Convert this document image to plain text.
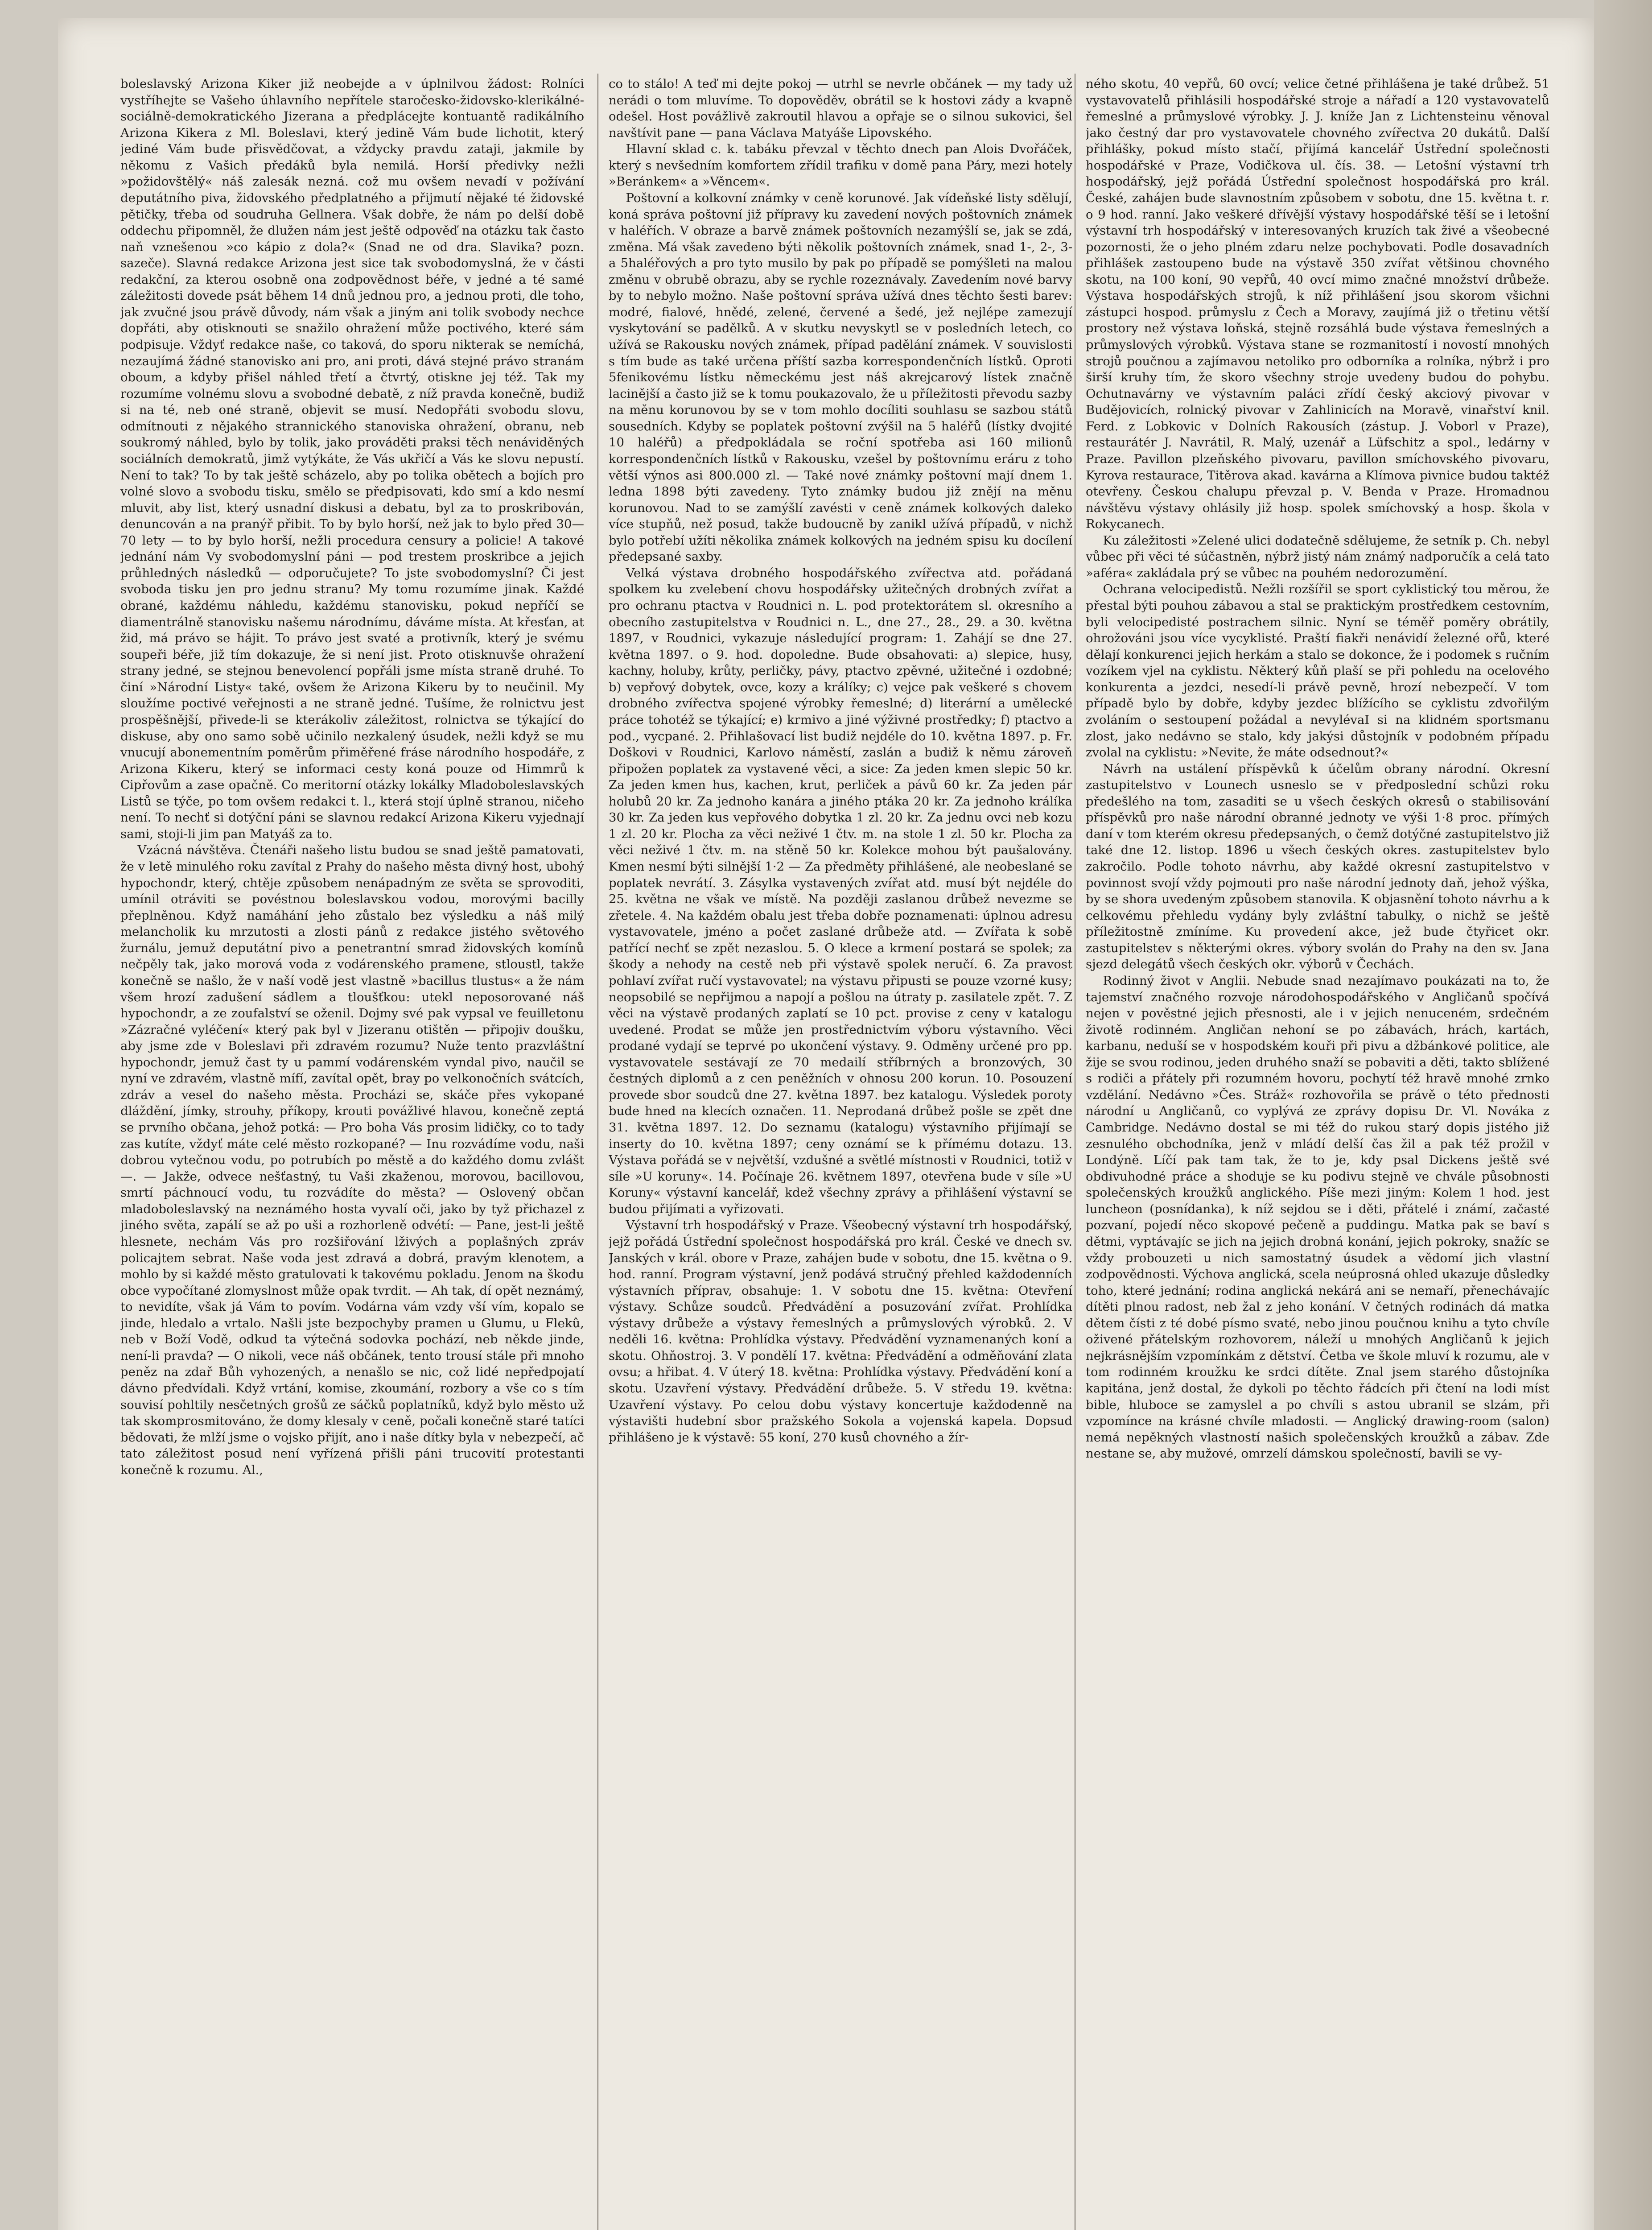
boleslavský Arizona Kiker již neobejde a v úplnilvou žádost: Rolníci vystříhejte se Vašeho úhlavního nepřítele staročesko-židovsko-klerikálné-sociálně-demokratického Jizerana a předplácejte kontuantě radikálního Arizona Kikera z Ml. Boleslavi, který jedině Vám bude lichotit, který jediné Vám bude přisvědčovat, a vždycky pravdu zataji, jakmile by někomu z Vašich předáků byla nemilá. Horší předivky nežli »požidovštělý« náš zalesák nezná. což mu ovšem nevadí v požívání deputátního piva, židovského předplatného a přijmutí nějaké té židovské pětičky, třeba od soudruha Gellnera. Však dobře, že nám po delší době oddechu připomněl, že dlužen nám jest ještě odpověď na otázku tak často naň vznešenou »co kápio z dola?« (Snad ne od dra. Slavika? pozn. sazeče). Slavná redakce Arizona jest sice tak svobodomyslná, že v části redakční, za kterou osobně ona zodpovědnost béře, v jedné a té samé záležitosti dovede psát během 14 dnů jednou pro, a jednou proti, dle toho, jak zvučné jsou právě důvody, nám však a jiným ani tolik svobody nechce dopřáti, aby otisknouti se snažilo ohražení může poctivého, které sám podpisuje. Vždyť redakce naše, co taková, do sporu nikterak se nemíchá, nezaujímá žádné stanovisko ani pro, ani proti, dává stejné právo stranám oboum, a kdyby přišel náhled třetí a čtvrtý, otiskne jej též. Tak my rozumíme volnému slovu a svobodné debatě, z níž pravda konečně, budiž si na té, neb oné straně, objevit se musí. Nedopřáti svobodu slovu, odmítnouti z nějakého strannického stanoviska ohražení, obranu, neb soukromý náhled, bylo by tolik, jako prováděti praksi těch nenáviděných sociálních demokratů, jimž vytýkáte, že Vás ukřičí a Vás ke slovu nepustí. Není to tak? To by tak ještě scházelo, aby po tolika obětech a bojích pro volné slovo a svobodu tisku, smělo se předpisovati, kdo smí a kdo nesmí mluvit, aby list, který usnadní diskusi a debatu, byl za to proskribován, denuncován a na pranýř přibit. To by bylo horší, než jak to bylo před 30—70 lety — to by bylo horší, nežli procedura censury a policie! A takové jednání nám Vy svobodomyslní páni — pod trestem proskribce a jejich průhledných následků — odporučujete? To jste svobodomyslní? Či jest svoboda tisku jen pro jednu stranu? My tomu rozumíme jinak. Každé obrané, každému náhledu, každému stanovisku, pokud nepříčí se diamentrálně stanovisku našemu národnímu, dáváme místa. At křesťan, at žid, má právo se hájit. To právo jest svaté a protivník, který je svému soupeři béře, již tím dokazuje, že si není jist. Proto otisknuvše ohražení strany jedné, se stejnou benevolencí popřáli jsme místa straně druhé. To činí »Národní Listy« také, ovšem že Arizona Kikeru by to neučinil. My sloužíme poctivé veřejnosti a ne straně jedné. Tušíme, že rolnictvu jest prospěšnější, přivede-li se kterákoliv záležitost, rolnictva se týkající do diskuse, aby ono samo sobě učinilo nezkalený úsudek, nežli když se mu vnucují abonementním poměrům přiměřené fráse národního hospodáře, z Arizona Kikeru, který se informaci cesty koná pouze od Himmrů k Cipřovům a zase opačně. Co meritorní otázky lokálky Mladoboleslavských Listů se týče, po tom ovšem redakci t. l., která stojí úplně stranou, ničeho není. To nechť si dotýční páni se slavnou redakcí Arizona Kikeru vyjednají sami, stoji-li jim pan Matyáš za to.

Vzácná návštěva. Čtenáři našeho listu budou se snad ještě pamatovati, že v letě minulého roku zavítal z Prahy do našeho města divný host, ubohý hypochondr, který, chtěje způsobem nenápadným ze světa se sprovoditi, umínil otráviti se povéstnou boleslavskou vodou, morovými bacilly přeplněnou. Když namáhání jeho zůstalo bez výsledku a náš milý melancholik ku mrzutosti a zlosti pánů z redakce jistého světového žurnálu, jemuž deputátní pivo a penetrantní smrad židovských komínů nečpěly tak, jako morová voda z vodárenského pramene, stloustl, takže konečně se našlo, že v naší vodě jest vlastně »bacillus tlustus« a že nám všem hrozí zadušení sádlem a tloušťkou: utekl neposorované náš hypochondr, a ze zoufalství se oženil. Dojmy své pak vypsal ve feuilletonu »Zázračné vyléčení« který pak byl v Jizeranu otištěn — připojiv doušku, aby jsme zde v Boleslavi při zdravém rozumu? Nuže tento prazvláštní hypochondr, jemuž čast ty u pammí vodárenském vyndal pivo, naučil se nyní ve zdravém, vlastně mífí, zavítal opět, bray po velkonočních svátcích, zdráv a vesel do našeho města. Procházi se, skáče přes vykopané dláždění, jímky, strouhy, příkopy, krouti povážlivé hlavou, konečně zeptá se prvního občana, jehož potká: — Pro boha Vás prosim lidičky, co to tady zas kutíte, vždyť máte celé město rozkopané? — Inu rozvádíme vodu, naši dobrou vytečnou vodu, po potrubích po městě a do každého domu zvlášt —. — Jakže, odvece nešťastný, tu Vaši zkaženou, morovou, bacillovou, smrtí páchnoucí vodu, tu rozvádíte do města? — Oslovený občan mladoboleslavský na neznámého hosta vyvalí oči, jako by tyž přichazel z jiného světa, zapálí se až po uši a rozhorleně odvétí: — Pane, jest-li ještě hlesnete, nechám Vás pro rozšiřování lživých a poplašných zpráv policajtem sebrat. Naše voda jest zdravá a dobrá, pravým klenotem, a mohlo by si každé město gratulovati k takovému pokladu. Jenom na škodu obce vypočítané zlomyslnost může opak tvrdit. — Ah tak, dí opět neznámý, to nevidíte, však já Vám to povím. Vodárna vám vzdy vší vím, kopalo se jinde, hledalo a vrtalo. Našli jste bezpochyby pramen u Glumu, u Flekû, neb v Boží Vodě, odkud ta výtečná sodovka pochází, neb někde jinde, není-li pravda? — O nikoli, vece náš občánek, tento trousí stále při mnoho peněz na zdař Bůh vyhozených, a nenašlo se nic, což lidé nepředpojatí dávno předvídali. Když vrtání, komise, zkoumání, rozbory a vše co s tím souvisí pohltily nesčetných grošů ze sáčků poplatníků, když bylo město už tak skomprosmitováno, že domy klesaly v ceně, počali konečně staré tatíci bědovati, že mlží jsme o vojsko přijít, ano i naše dítky byla v nebezpečí, ač tato záležitost posud není vyřízená přišli páni trucovití protestanti konečně k rozumu. Al.,

co to stálo! A teď mi dejte pokoj — utrhl se nevrle občánek — my tady už nerádi o tom mluvíme. To dopověděv, obrátil se k hostovi zády a kvapně odešel. Host povážlivě zakroutil hlavou a opřaje se o silnou sukovici, šel navštívit pane — pana Václava Matyáše Lipovského.

Hlavní sklad c. k. tabáku převzal v těchto dnech pan Alois Dvořáček, který s nevšedním komfortem zřídil trafiku v domě pana Páry, mezi hotely »Beránkem« a »Věncem«.

Poštovní a kolkovní známky v ceně korunové. Jak vídeňské listy sdělují, koná správa poštovní již přípravy ku zavedení nových poštovních známek v haléřích. V obraze a barvě známek poštovních nezamýšlí se, jak se zdá, změna. Má však zavedeno býti několik poštovních známek, snad 1-, 2-, 3- a 5haléřových a pro tyto musilo by pak po případě se pomýšleti na malou změnu v obrubě obrazu, aby se rychle rozeznávaly. Zavedením nové barvy by to nebylo možno. Naše poštovní správa užívá dnes těchto šesti barev: modré, fialové, hnědé, zelené, červené a šedé, jež nejlépe zamezují vyskytování se padělků. A v skutku nevyskytl se v posledních letech, co užívá se Rakousku nových známek, případ padělání známek. V souvislosti s tím bude as také určena příští sazba korrespondenčních lístků. Oproti 5fenikovému lístku německému jest náš akrejcarový lístek značně lacinější a často již se k tomu poukazovalo, že u příležitosti převodu sazby na měnu korunovou by se v tom mohlo docíliti souhlasu se sazbou států sousedních. Kdyby se poplatek poštovní zvýšil na 5 haléřů (lístky dvojité 10 haléřů) a předpokládala se roční spotřeba asi 160 milionů korrespondenčních lístků v Rakousku, vzešel by poštovnímu eráru z toho větší výnos asi 800.000 zl. — Také nové známky poštovní mají dnem 1. ledna 1898 býti zavedeny. Tyto známky budou již znějí na měnu korunovou. Nad to se zamýšlí zavésti v ceně známek kolkových daleko více stupňů, než posud, takže budoucně by zanikl užívá případů, v nichž bylo potřebí užíti několika známek kolkových na jedném spisu ku docílení předepsané saxby.

Velká výstava drobného hospodářského zvířectva atd. pořádaná spolkem ku zvelebení chovu hospodářsky užitečných drobných zvířat a pro ochranu ptactva v Roudnici n. L. pod protektorátem sl. okresního a obecního zastupitelstva v Roudnici n. L., dne 27., 28., 29. a 30. května 1897, v Roudnici, vykazuje následující program: 1. Zahájí se dne 27. května 1897. o 9. hod. dopoledne. Bude obsahovati: a) slepice, husy, kachny, holuby, krůty, perličky, pávy, ptactvo zpěvné, užitečné i ozdobné; b) vepřový dobytek, ovce, kozy a králíky; c) vejce pak veškeré s chovem drobného zvířectva spojené výrobky řemeslné; d) literární a umělecké práce tohotéž se týkající; e) krmivo a jiné výživné prostředky; f) ptactvo a pod., vycpané. 2. Přihlašovací list budiž nejdéle do 10. května 1897. p. Fr. Doškovi v Roudnici, Karlovo náměstí, zaslán a budiž k němu zároveň připožen poplatek za vystavené věci, a sice: Za jeden kmen slepic 50 kr. Za jeden kmen hus, kachen, krut, perliček a pávů 60 kr. Za jeden pár holubů 20 kr. Za jednoho kanára a jiného ptáka 20 kr. Za jednoho králíka 30 kr. Za jeden kus vepřového dobytka 1 zl. 20 kr. Za jednu ovci neb kozu 1 zl. 20 kr. Plocha za věci neživé 1 čtv. m. na stole 1 zl. 50 kr. Plocha za věci neživé 1 čtv. m. na stěně 50 kr. Kolekce mohou být paušalovány. Kmen nesmí býti silnější 1·2 — Za předměty přihlášené, ale neobeslané se poplatek nevrátí. 3. Zásylka vystavených zvířat atd. musí být nejdéle do 25. května ne však ve místě. Na později zaslanou drůbež nevezme se zřetele. 4. Na každém obalu jest třeba dobře poznamenati: úplnou adresu vystavovatele, jméno a počet zaslané drůbeže atd. — Zvířata k sobě patřící nechť se zpět nezaslou. 5. O klece a krmení postará se spolek; za škody a nehody na cestě neb při výstavě spolek neručí. 6. Za pravost pohlaví zvířat ručí vystavovatel; na výstavu připusti se pouze vzorné kusy; neopsobilé se nepřijmou a napojí a pošlou na útraty p. zasilatele zpět. 7. Z věci na výstavě prodaných zaplatí se 10 pct. provise z ceny v katalogu uvedené. Prodat se může jen prostřednictvím výboru výstavního. Věci prodané vydají se teprvé po ukončení výstavy. 9. Odměny určené pro pp. vystavovatele sestávají ze 70 medailí stříbrných a bronzových, 30 čestných diplomů a z cen peněžních v ohnosu 200 korun. 10. Posouzení provede sbor soudců dne 27. května 1897. bez katalogu. Výsledek poroty bude hned na klecích označen. 11. Neprodaná drůbež pošle se zpět dne 31. května 1897. 12. Do seznamu (katalogu) výstavního přijímají se inserty do 10. května 1897; ceny oznámí se k přímému dotazu. 13. Výstava pořádá se v největší, vzdušné a světlé místnosti v Roudnici, totiž v síle »U koruny«. 14. Počínaje 26. květnem 1897, otevřena bude v síle »U Koruny« výstavní kancelář, kdež všechny zprávy a přihlášení výstavní se budou přijímati a vyřizovati.

Výstavní trh hospodářský v Praze. Všeobecný výstavní trh hospodářský, jejž pořádá Ústřední společnost hospodářská pro král. České ve dnech sv. Janských v král. obore v Praze, zahájen bude v sobotu, dne 15. května o 9. hod. ranní. Program výstavní, jenž podává stručný přehled každodenních výstavních příprav, obsahuje: 1. V sobotu dne 15. května: Otevření výstavy. Schůze soudců. Předvádění a posuzování zvířat. Prohlídka výstavy drůbeže a výstavy řemeslných a průmyslových výrobků. 2. V neděli 16. května: Prohlídka výstavy. Předvádění vyznamenaných koní a skotu. Ohňostroj. 3. V pondělí 17. května: Předvádění a odměňování zlata ovsu; a hřibat. 4. V úterý 18. května: Prohlídka výstavy. Předvádění koní a skotu. Uzavření výstavy. Předvádění drůbeže. 5. V středu 19. května: Uzavření výstavy. Po celou dobu výstavy koncertuje každodenně na výstavišti hudební sbor pražského Sokola a vojenská kapela. Dopsud přihlášeno je k výstavě: 55 koní, 270 kusů chovného a žír-

ného skotu, 40 vepřů, 60 ovcí; velice četné přihlášena je také drůbež. 51 vystavovatelů přihlásili hospodářské stroje a nářadí a 120 vystavovatelů řemeslné a průmyslové výrobky. J. J. kníže Jan z Lichtensteinu věnoval jako čestný dar pro vystavovatele chovného zvířectva 20 dukátů. Další přihlášky, pokud místo stačí, přijímá kancelář Ústřední společnosti hospodářské v Praze, Vodičkova ul. čís. 38. — Letošní výstavní trh hospodářský, jejž pořádá Ústřední společnost hospodářská pro král. České, zahájen bude slavnostním způsobem v sobotu, dne 15. května t. r. o 9 hod. ranní. Jako veškeré dřívější výstavy hospodářské těší se i letošní výstavní trh hospodářský v interesovaných kruzích tak živé a všeobecné pozornosti, že o jeho plném zdaru nelze pochybovati. Podle dosavadních přihlášek zastoupeno bude na výstavě 350 zvířat většinou chovného skotu, na 100 koní, 90 vepřů, 40 ovcí mimo značné množství drůbeže. Výstava hospodářských strojů, k níž přihlášení jsou skorom všichni zástupci hospod. průmyslu z Čech a Moravy, zaujímá již o třetinu větší prostory než výstava loňská, stejně rozsáhlá bude výstava řemeslných a průmyslových výrobků. Výstava stane se rozmanitostí i novostí mnohých strojů poučnou a zajímavou netoliko pro odborníka a rolníka, nýbrž i pro širší kruhy tím, že skoro všechny stroje uvedeny budou do pohybu. Ochutnavárny ve výstavním paláci zřídí český akciový pivovar v Budějovicích, rolnický pivovar v Zahlinicích na Moravě, vinařství knil. Ferd. z Lobkovic v Dolních Rakousích (zástup. J. Voborl v Praze), restaurátér J. Navrátil, R. Malý, uzenář a Lüfschitz a spol., ledárny v Praze. Pavillon plzeňského pivovaru, pavillon smíchovského pivovaru, Kyrova restaurace, Titěrova akad. kavárna a Klímova pivnice budou taktéž otevřeny. Českou chalupu převzal p. V. Benda v Praze. Hromadnou návštěvu výstavy ohlásily již hosp. spolek smíchovský a hosp. škola v Rokycanech.

Ku záležitosti »Zelené ulici dodatečně sdělujeme, že setník p. Ch. nebyl vůbec při věci té súčastněn, nýbrž jistý nám známý nadporučík a celá tato »aféra« zakládala prý se vůbec na pouhém nedorozumění.

Ochrana velocipedistů. Nežli rozšířil se sport cyklistický tou měrou, že přestal býti pouhou zábavou a stal se praktickým prostředkem cestovním, byli velocipedisté postrachem silnic. Nyní se téměř poměry obrátily, ohrožováni jsou více vycyklisté. Praští fiakři nenávidí železné ořů, které dělají konkurenci jejich herkám a stalo se dokonce, že i podomek s ručním vozíkem vjel na cyklistu. Některý kůň plaší se při pohledu na ocelového konkurenta a jezdci, nesedí-li právě pevně, hrozí nebezpečí. V tom případě bylo by dobře, kdyby jezdec blížícího se cyklistu zdvořilým zvoláním o sestoupení požádal a nevylévaI si na klidném sportsmanu zlost, jako nedávno se stalo, kdy jakýsi důstojník v podobném případu zvolal na cyklistu: »Nevite, že máte odsednout?«

Návrh na ustálení příspěvků k účelům obrany národní. Okresní zastupitelstvo v Lounech usneslo se v předposlední schůzi roku předešlého na tom, zasaditi se u všech českých okresů o stabilisování příspěvků pro naše národní obranné jednoty ve výši 1·8 proc. přímých daní v tom kterém okresu předepsaných, o čemž dotýčné zastupitelstvo již také dne 12. listop. 1896 u všech českých okres. zastupitelstev bylo zakročilo. Podle tohoto návrhu, aby každé okresní zastupitelstvo v povinnost svojí vždy pojmouti pro naše národní jednoty daň, jehož výška, by se shora uvedeným způsobem stanovila. K objasnění tohoto návrhu a k celkovému přehledu vydány byly zvláštní tabulky, o nichž se ještě příležitostně zmíníme. Ku provedení akce, jež bude čtyřicet okr. zastupitelstev s některými okres. výbory svolán do Prahy na den sv. Jana sjezd delegátů všech českých okr. výborů v Čechách.

Rodinný život v Anglii. Nebude snad nezajímavo poukázati na to, že tajemství značného rozvoje národohospodářského v Angličanů spočívá nejen v pověstné jejich přesnosti, ale i v jejich nenuceném, srdečném životě rodinném. Angličan nehoní se po zábavách, hrách, kartách, karbanu, neduší se v hospodském kouři při pivu a džbánkové politice, ale žije se svou rodinou, jeden druhého snaží se pobaviti a děti, takto sblížené s rodiči a přátely při rozumném hovoru, pochytí též hravě mnohé zrnko vzdělání. Nedávno »Čes. Stráž« rozhovořila se právě o této přednosti národní u Angličanů, co vyplývá ze zprávy dopisu Dr. Vl. Nováka z Cambridge. Nedávno dostal se mi též do rukou starý dopis jistého již zesnulého obchodníka, jenž v mládí delší čas žil a pak též prožil v Londýně. Líčí pak tam tak, že to je, kdy psal Dickens ještě své obdivuhodné práce a shoduje se ku podivu stejně ve chvále působnosti společenských kroužků anglického. Píše mezi jiným: Kolem 1 hod. jest luncheon (posnídanka), k níž sejdou se i děti, přátelé i známí, začasté pozvaní, pojedí něco skopové pečeně a puddingu. Matka pak se baví s dětmi, vyptávajíc se jich na jejich drobná konání, jejich pokroky, snažíc se vždy probouzeti u nich samostatný úsudek a vědomí jich vlastní zodpovědnosti. Výchova anglická, scela neúprosná ohled ukazuje důsledky toho, které jednání; rodina anglická nekárá ani se nemaří, přenechávajíc dítěti plnou radost, neb žal z jeho konání. V četných rodinách dá matka dětem čísti z té dobé písmo svaté, nebo jinou poučnou knihu a tyto chvíle oživené přátelským rozhovorem, náleží u mnohých Angličanů k jejich nejkrásnějším vzpomínkám z dětství. Četba ve škole mluví k rozumu, ale v tom rodinném kroužku ke srdci dítěte. Znal jsem starého důstojníka kapitána, jenž dostal, že dykoli po těchto řádcích při čtení na lodi míst bible, hluboce se zamyslel a po chvíli s astou ubranil se slzám, při vzpomínce na krásné chvíle mladosti. — Anglický drawing-room (salon) nemá nepěkných vlastností našich společenských kroužků a zábav. Zde nestane se, aby mužové, omrzelí dámskou společností, bavili se vy-
